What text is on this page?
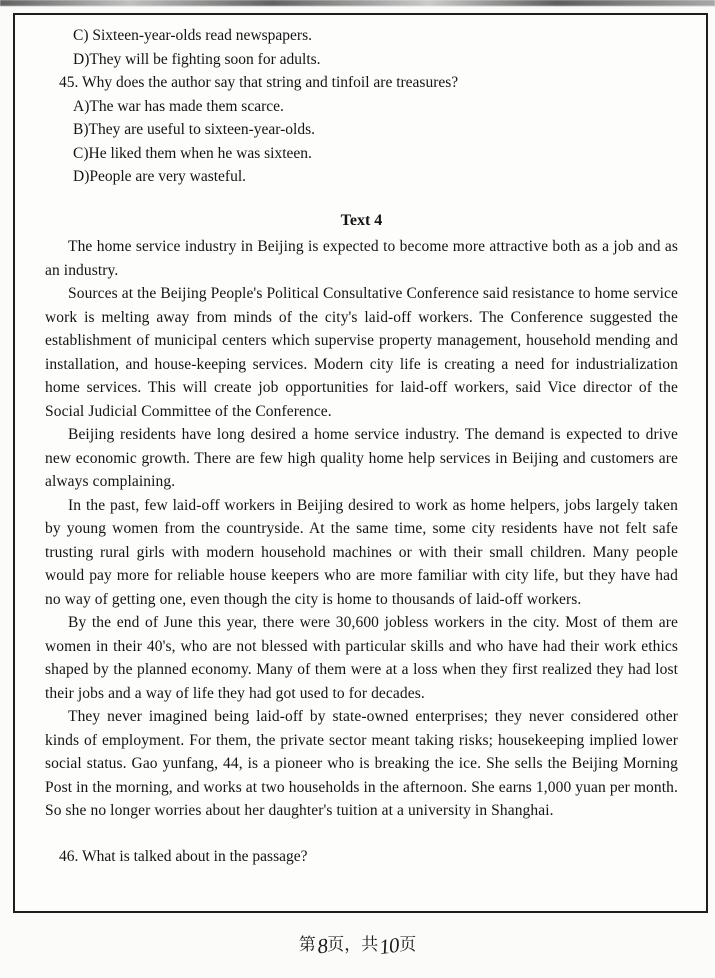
C) Sixteen-year-olds read newspapers.

D)They will be fighting soon for adults.

45. Why does the author say that string and tinfoil are treasures?

A)The war has made them scarce.

B)They are useful to sixteen-year-olds.

C)He liked them when he was sixteen.

D)People are very wasteful.

Text 4

The home service industry in Beijing is expected to become more attractive both as a job and as an industry.

Sources at the Beijing People's Political Consultative Conference said resistance to home service work is melting away from minds of the city's laid-off workers. The Conference suggested the establishment of municipal centers which supervise property management, household mending and installation, and house-keeping services. Modern city life is creating a need for industrialization home services. This will create job opportunities for laid-off workers, said Vice director of the Social Judicial Committee of the Conference.

Beijing residents have long desired a home service industry. The demand is expected to drive new economic growth. There are few high quality home help services in Beijing and customers are always complaining.

In the past, few laid-off workers in Beijing desired to work as home helpers, jobs largely taken by young women from the countryside. At the same time, some city residents have not felt safe trusting rural girls with modern household machines or with their small children. Many people would pay more for reliable house keepers who are more familiar with city life, but they have had no way of getting one, even though the city is home to thousands of laid-off workers.

By the end of June this year, there were 30,600 jobless workers in the city. Most of them are women in their 40's, who are not blessed with particular skills and who have had their work ethics shaped by the planned economy. Many of them were at a loss when they first realized they had lost their jobs and a way of life they had got used to for decades.

They never imagined being laid-off by state-owned enterprises; they never considered other kinds of employment. For them, the private sector meant taking risks; housekeeping implied lower social status. Gao yunfang, 44, is a pioneer who is breaking the ice. She sells the Beijing Morning Post in the morning, and works at two households in the afternoon. She earns 1,000 yuan per month. So she no longer worries about her daughter's tuition at a university in Shanghai.

46. What is talked about in the passage?

第8页，共10页
